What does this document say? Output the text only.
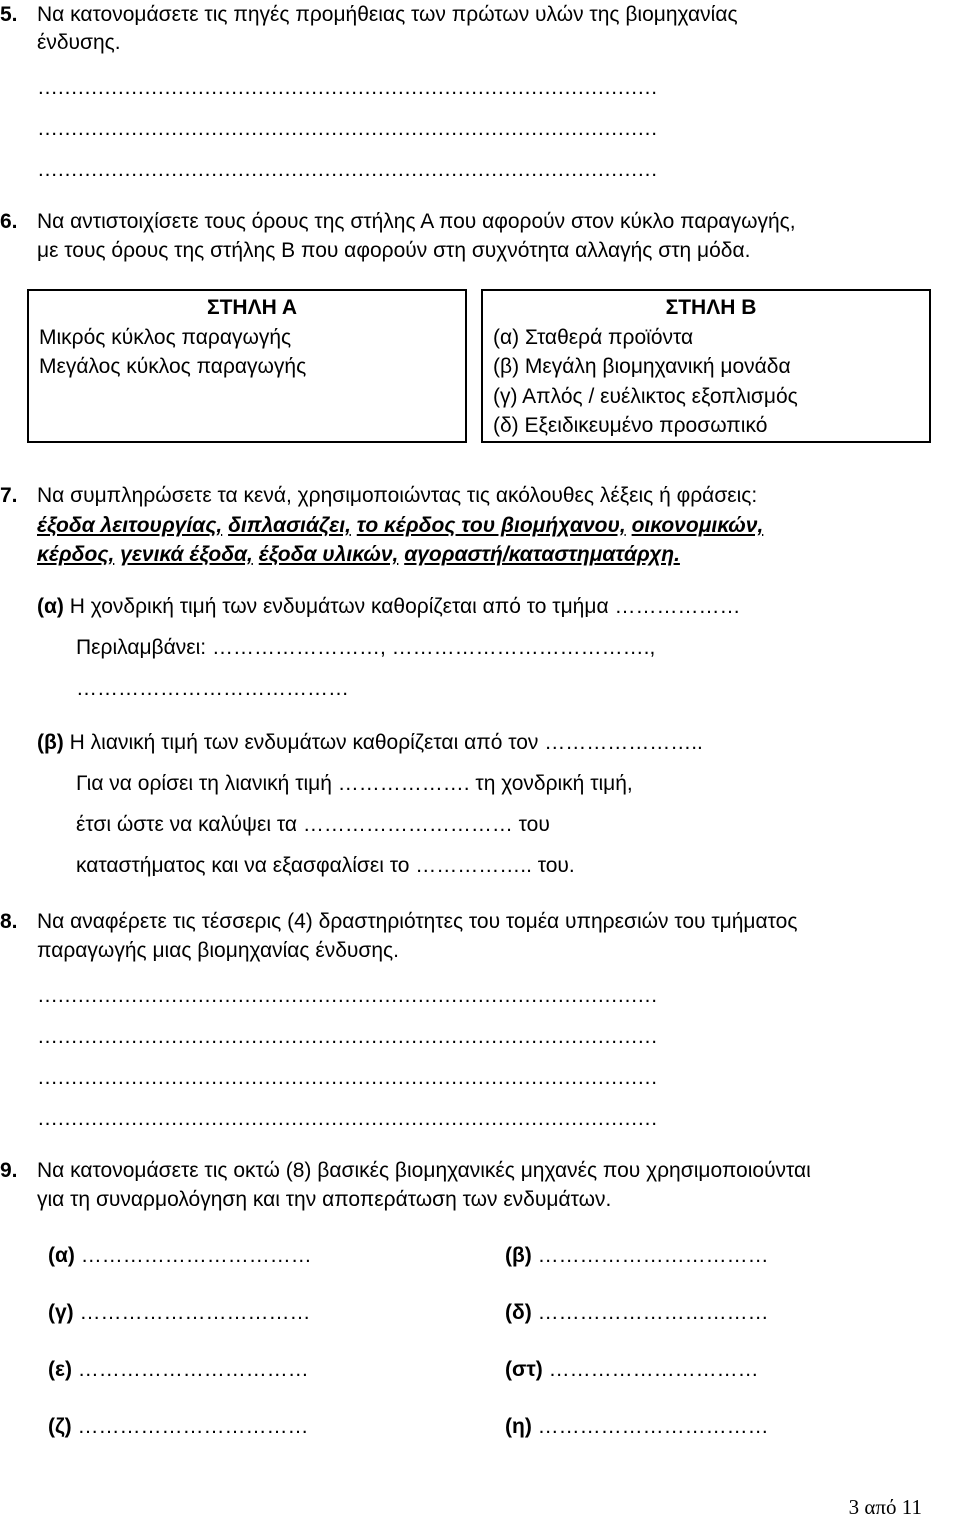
5. Να κατονομάσετε τις πηγές προμήθειας των πρώτων υλών της βιομηχανίας
ένδυσης.
…………………………………………………………………………………
…………………………………………………………………………………
…………………………………………………………………………………
6. Να αντιστοιχίσετε τους όρους της στήλης Α που αφορούν στον κύκλο παραγωγής,
με τους όρους της στήλης Β που αφορούν στη συχνότητα αλλαγής στη μόδα.
ΣΤΗΛΗ Α
Μικρός κύκλος παραγωγής
Μεγάλος κύκλος παραγωγής

ΣΤΗΛΗ Β
(α) Σταθερά προϊόντα
(β) Μεγάλη βιομηχανική μονάδα
(γ) Απλός / ευέλικτος εξοπλισμός
(δ) Εξειδικευμένο προσωπικό
7. Να συμπληρώσετε τα κενά, χρησιμοποιώντας τις ακόλουθες λέξεις ή φράσεις:
έξοδα λειτουργίας, διπλασιάζει, το κέρδος του βιομήχανου, οικονομικών,
κέρδος, γενικά έξοδα, έξοδα υλικών, αγοραστή/καταστηματάρχη.
(α) Η χονδρική τιμή των ενδυμάτων καθορίζεται από το τμήμα ………………
Περιλαμβάνει: ……………………, ……………………………….,
…………………………………
(β) Η λιανική τιμή των ενδυμάτων καθορίζεται από τον …………………..
Για να ορίσει τη λιανική τιμή ………………. τη χονδρική τιμή,
έτσι ώστε να καλύψει τα ………………………… του
καταστήματος και να εξασφαλίσει το …………….. του.
8. Να αναφέρετε τις τέσσερις (4) δραστηριότητες του τομέα υπηρεσιών του τμήματος
παραγωγής μιας βιομηχανίας ένδυσης.
…………………………………………………………………………………
…………………………………………………………………………………
…………………………………………………………………………………
…………………………………………………………………………………
9. Να κατονομάσετε τις οκτώ (8) βασικές βιομηχανικές μηχανές που χρησιμοποιούνται
για τη συναρμολόγηση και την αποπεράτωση των ενδυμάτων.
(α) ……………………………	(β) ……………………………
(γ) ……………………………	(δ) ……………………………
(ε) ……………………………	(στ) …………………………
(ζ) ……………………………	(η) ……………………………
3 από 11
